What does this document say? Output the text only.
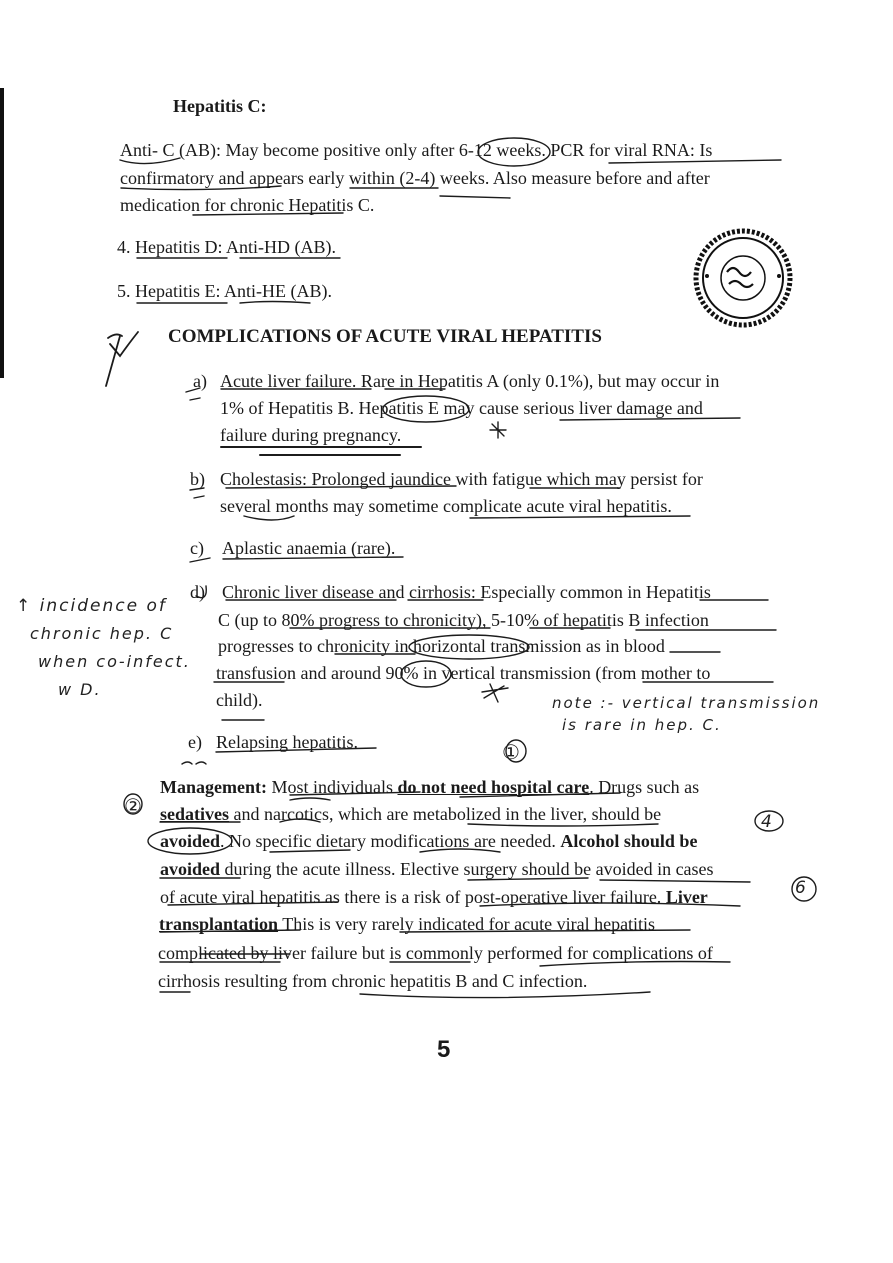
Hepatitis C:
Anti- C (AB): May become positive only after 6-12 weeks. PCR for viral RNA: Is
confirmatory and appears early within (2-4) weeks. Also measure before and after
medication for chronic Hepatitis C.
4. Hepatitis D: Anti-HD (AB).
5. Hepatitis E: Anti-HE (AB).
COMPLICATIONS OF ACUTE VIRAL HEPATITIS
a) Acute liver failure. Rare in Hepatitis A (only 0.1%), but may occur in
1% of Hepatitis B. Hepatitis E may cause serious liver damage and
failure during pregnancy.
b) Cholestasis: Prolonged jaundice with fatigue which may persist for
several months may sometime complicate acute viral hepatitis.
c) Aplastic anaemia (rare).
d) Chronic liver disease and cirrhosis: Especially common in Hepatitis
C (up to 80% progress to chronicity), 5-10% of hepatitis B infection
progresses to chronicity in horizontal transmission as in blood
transfusion and around 90% in vertical transmission (from mother to
child).
e) Relapsing hepatitis.
Management: Most individuals do not need hospital care. Drugs such as
sedatives and narcotics, which are metabolized in the liver, should be
avoided. No specific dietary modifications are needed. Alcohol should be
avoided during the acute illness. Elective surgery should be avoided in cases
of acute viral hepatitis as there is a risk of post-operative liver failure. Liver
transplantation This is very rarely indicated for acute viral hepatitis
complicated by liver failure but is commonly performed for complications of
cirrhosis resulting from chronic hepatitis B and C infection.
↑ incidence of
chronic hep. C
when co-infect.
w D.
note :- vertical transmission
is rare in hep. C.
①
②
4
6
5
